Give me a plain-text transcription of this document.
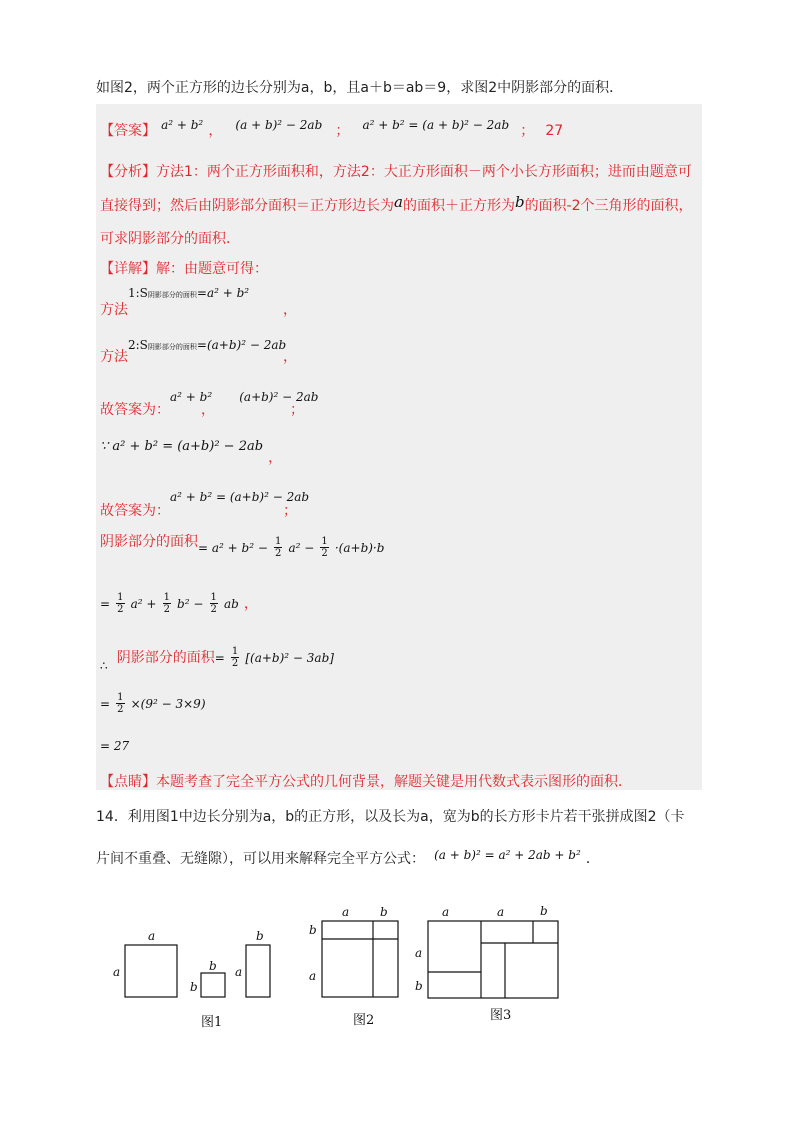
如图2，两个正方形的边长分别为a，b，且a＋b＝ab＝9，求图2中阴影部分的面积．
【答案】 $^{a^2 + b^2}$ ， $^{(a + b)^2 - 2ab}$ ； $^{a^2 + b^2 = (a + b)^2 - 2ab}$ ； 27
【分析】方法1：两个正方形面积和，方法2：大正方形面积－两个小长方形面积；进而由题意可
直接得到；然后由阴影部分面积＝正方形边长为a的面积＋正方形为b的面积-2个三角形的面积，
可求阴影部分的面积．
【详解】解：由题意可得：
1:S阴影部分的面积=a² + b²
方法	，
2:S阴影部分的面积=(a+b)² − 2ab
方法	，
a² + b² (a+b)² − 2ab
故答案为：	，	；
∵ a² + b² = (a+b)² − 2ab ，
a² + b² = (a+b)² − 2ab
故答案为：	；
阴影部分的面积= $a^2 + b^2 - \frac{1}{2} a^2 - \frac{1}{2} \cdot(a+b)\cdot b$
= $\frac{1}{2} a^2 + \frac{1}{2} b^2 - \frac{1}{2}$ ab ，
$_\therefore$ 阴影部分的面积= $\frac{1}{2} [(a+b)^2 - 3ab]$
= $\frac{1}{2} \times(9^2 - 3\times 9)$
= 27
【点睛】本题考查了完全平方公式的几何背景，解题关键是用代数式表示图形的面积．
14．利用图1中边长分别为a，b的正方形，以及长为a，宽为b的长方形卡片若干张拼成图2（卡
片间不重叠、无缝隙），可以用来解释完全平方公式： $^{(a + b)^2 = a^2 + 2ab + b^2}$ ．
a
a	b
b
b
a
图1
a	b
b
a
图2
a	a	b
a
b
图3
